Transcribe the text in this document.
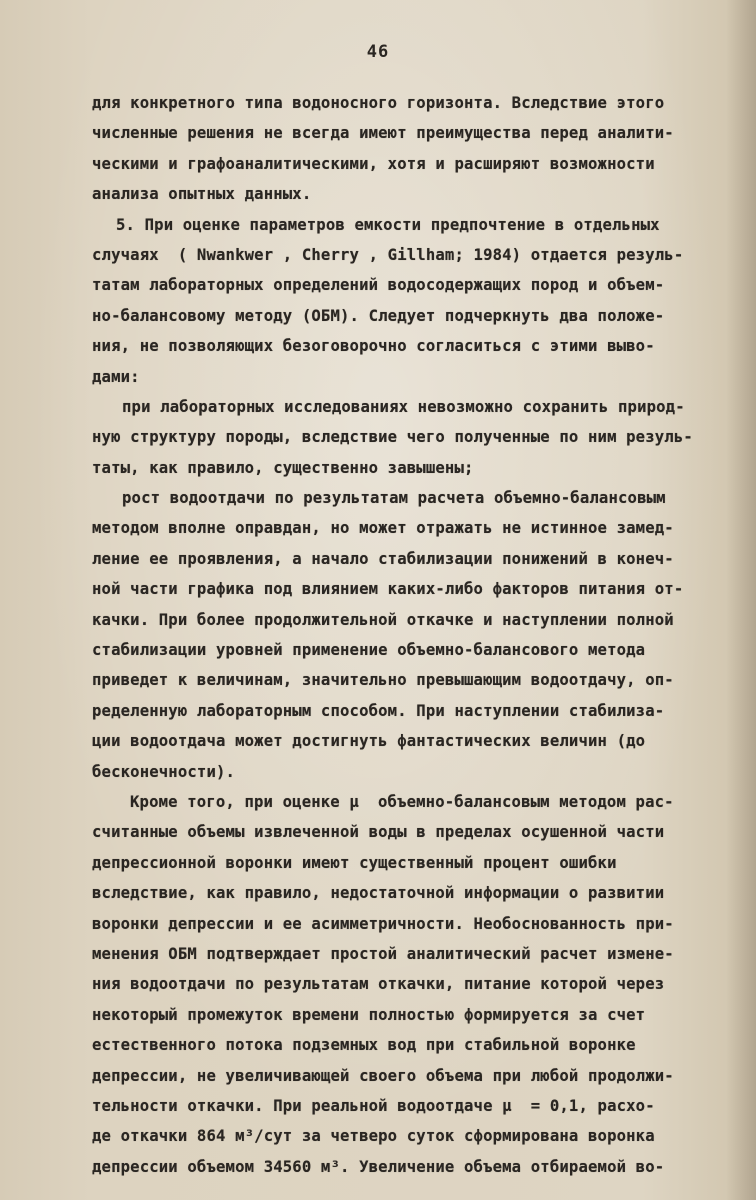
46
для конкретного типа водоносного горизонта. Вследствие этого
численные решения не всегда имеют преимущества перед аналити-
ческими и графоаналитическими, хотя и расширяют возможности
анализа опытных данных.
5. При оценке параметров емкости предпочтение в отдельных
случаях  ( Nwankwer , Cherry , Gillham; 1984) отдается резуль-
татам лабораторных определений водосодержащих пород и объем-
но-балансовому методу (ОБМ). Следует подчеркнуть два положе-
ния, не позволяющих безоговорочно согласиться с этими выво-
дами:
при лабораторных исследованиях невозможно сохранить природ-
ную структуру породы, вследствие чего полученные по ним резуль-
таты, как правило, существенно завышены;
рост водоотдачи по результатам расчета объемно-балансовым
методом вполне оправдан, но может отражать не истинное замед-
ление ее проявления, а начало стабилизации понижений в конеч-
ной части графика под влиянием каких-либо факторов питания от-
качки. При более продолжительной откачке и наступлении полной
стабилизации уровней применение объемно-балансового метода
приведет к величинам, значительно превышающим водоотдачу, оп-
ределенную лабораторным способом. При наступлении стабилиза-
ции водоотдача может достигнуть фантастических величин (до
бесконечности).
Кроме того, при оценке μ  объемно-балансовым методом рас-
считанные объемы извлеченной воды в пределах осушенной части
депрессионной воронки имеют существенный процент ошибки
вследствие, как правило, недостаточной информации о развитии
воронки депрессии и ее асимметричности. Необоснованность при-
менения ОБМ подтверждает простой аналитический расчет измене-
ния водоотдачи по результатам откачки, питание которой через
некоторый промежуток времени полностью формируется за счет
естественного потока подземных вод при стабильной воронке
депрессии, не увеличивающей своего объема при любой продолжи-
тельности откачки. При реальной водоотдаче μ  = 0,1, расхо-
де откачки 864 м³/сут за четверо суток сформирована воронка
депрессии объемом 34560 м³. Увеличение объема отбираемой во-
